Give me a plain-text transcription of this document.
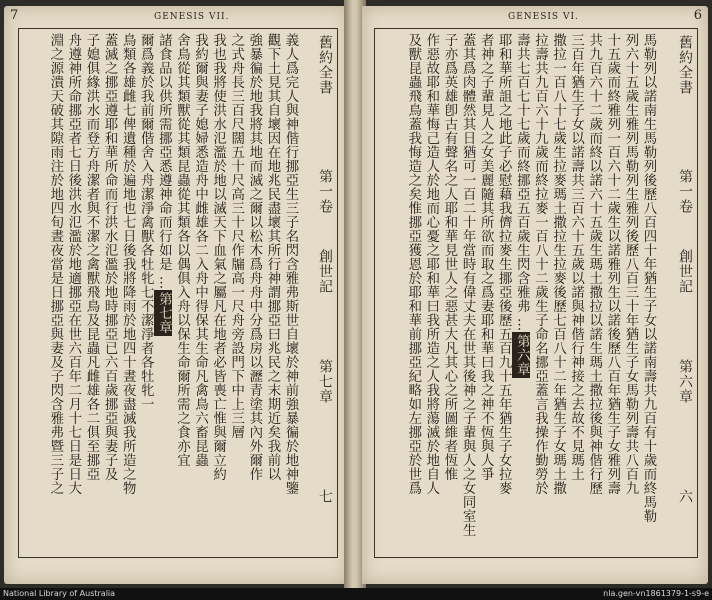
GENESIS VII.
7
舊約全書
第一卷
創世記
第七章
七
義人爲完人與神偕行挪亞生三子名閃含雅弗斯世自壞於神前強暴徧於地神鑒
觀下土見其自壞因在地兆民盡壞其所行神謂挪亞曰兆民之末期近矣我前以
強暴徧於地我將其地而滅之爾以松木爲舟舟中分爲房以瀝青塗其內外爾作
之式舟長三百尺闊五十尺高三十尺作牖高一尺舟旁設門下中上三層
我也我將使洪水氾濫於地以滅天下血氣之屬凡在地者必皆喪亡惟與爾立約
我約爾與妻子媳婦悉造舟中雌雄各二入舟中得保其生命凡禽鳥六畜昆蟲
舍鳥從其類獸從其類昆蟲從其類各以偶俱入舟以保生命爾所需之食亦宜
諸食品以供所需挪亞悉遵神命而行如是 …第七章
爾爲義於我前爾偕舍入舟潔淨禽獸各牡牝七不潔淨者各牡牝一
鳥類各雄雌七俾遺種於遍地也七日後我將降雨於地四十晝夜盡滅我所造之物
蓋滅之挪亞遵耶和華所命而行洪水氾濫於地時挪亞已六百歲挪亞與妻子及
子媳俱緣洪水而登方舟潔者與不潔之禽獸飛鳥及昆蟲凡雌雄各二俱至挪亞
舟遵神所命挪亞者七日後洪水氾濫於地適挪亞在世六百年二月十七日是日大
淵之源潰天破其隙雨注於地四旬晝夜當是日挪亞與妻及子閃含雅弗暨三子之
GENESIS VI.	6
舊約全書
第一卷
創世記
第六章
六
馬勒列以諾南生馬勒列後歷八百四十年猶生子女以諾南壽共九百有十歲而終馬勒
列六十五歲生雅列馬勒列生雅列後歷八百三十年猶生子女馬勒列壽共八百九
十五歲而終雅列一百六十二歲生以諾雅列生以諾後歷八百年猶生子女雅列壽
共九百六十二歲而終以諾六十五歲生瑪土撒拉以諾生瑪土撒拉後與神偕行歷
三百年猶生子女以諾壽共三百六十五歲以諾與神偕行神接之去故不見瑪土
撒拉一百八十七歲生拉麥瑪土撒拉生拉麥後歷七百八十二年猶生子女瑪土撒
拉壽共九百六十九歲而終拉麥一百八十二歲生子命名挪亞蓋言我操作勤勞於
壽共七百七十七歲而終挪亞五百歲生閃含雅弗 …第六章
耶和華所詛之地此子必慰藉我儕拉麥生挪亞後歷五百九十五年猶生子女拉麥
者神之子輩見人之女美麗隨其所欲而取之爲妻耶和華曰我之神不恆與人爭
蓋其爲肉體然其日猶可一百二十年當時有偉丈夫在世其後神之子輩與人之女同室生
子亦爲英雄卽古有聲名之人耶和華見世人之惡甚大凡其心之所圖維者恆惟
作惡故耶和華悔己造人於地而心憂之耶和華曰我所造之人我將蕩滅於地自人
及獸昆蟲飛鳥蓋我悔造之矣惟挪亞獲恩於耶和華前挪亞紀略如左挪亞於世爲
National Library of Australia	nla.gen-vn1861379-1-s9-e
